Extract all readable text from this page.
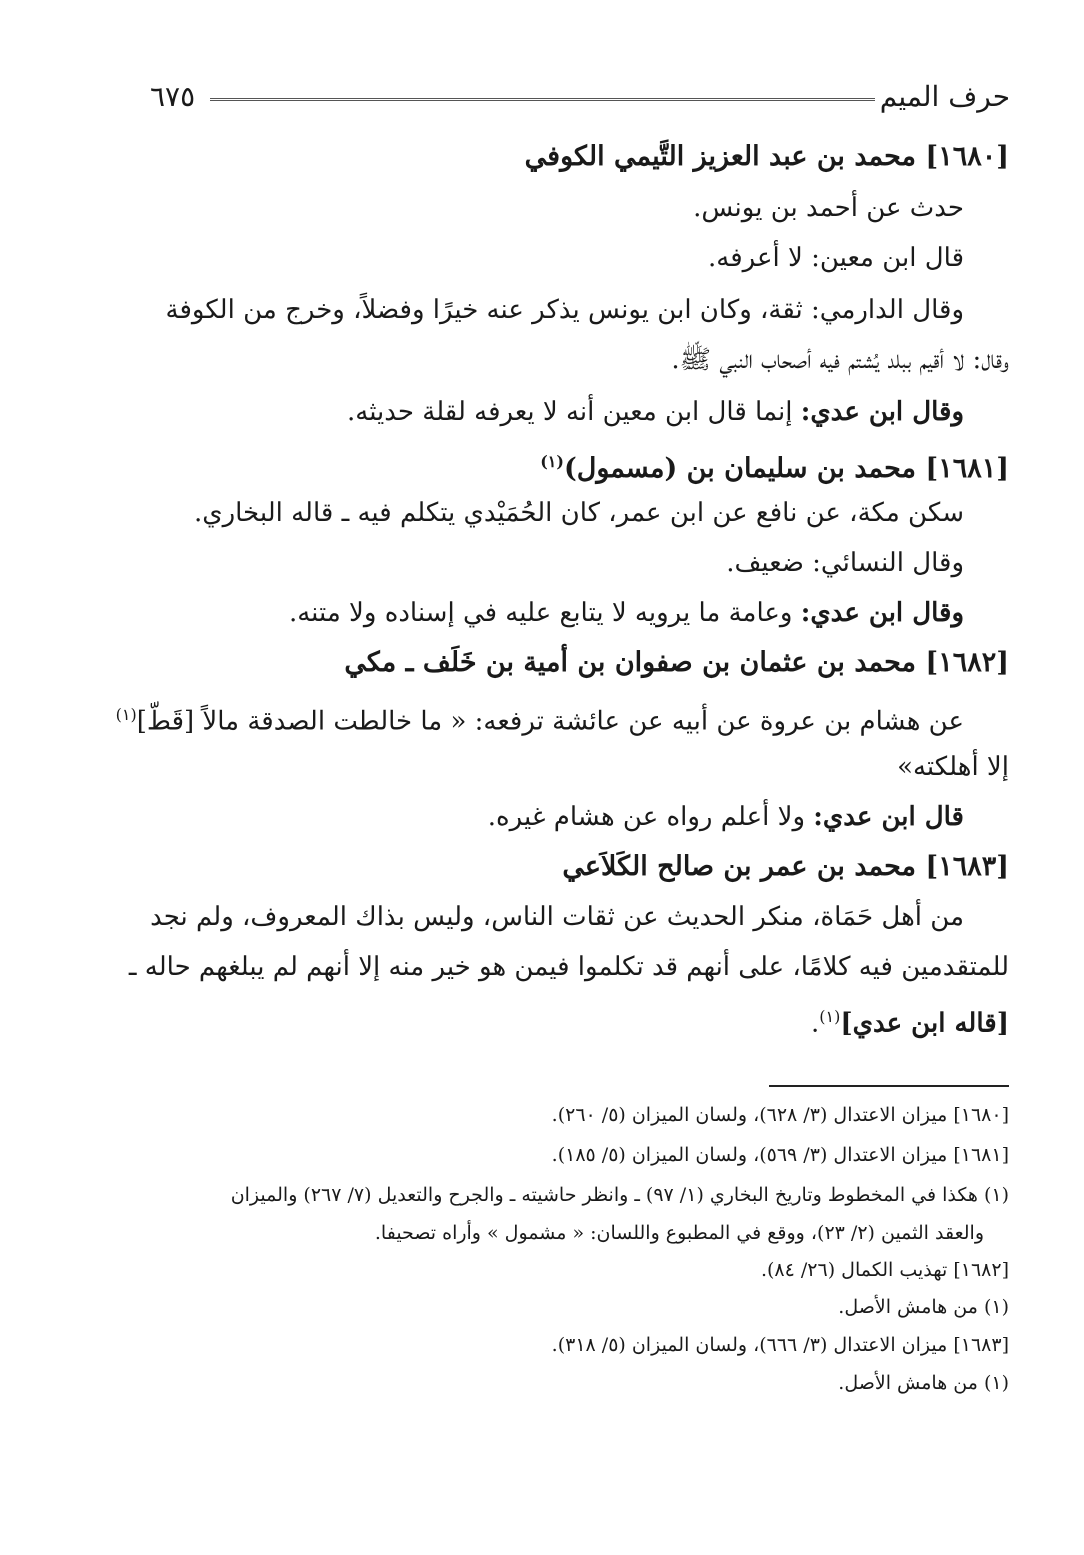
حرف الميم
٦٧٥
[١٦٨٠] محمد بن عبد العزيز التَّيمي الكوفي
حدث عن أحمد بن يونس.
قال ابن معين: لا أعرفه.
وقال الدارمي: ثقة، وكان ابن يونس يذكر عنه خيرًا وفضلاً، وخرج من الكوفة
وقال: لا أقيم ببلد يُشتم فيه أصحاب النبي ﷺ.
وقال ابن عدي: إنما قال ابن معين أنه لا يعرفه لقلة حديثه.
[١٦٨١] محمد بن سليمان بن (مسمول)$^{(١)}$
سكن مكة، عن نافع عن ابن عمر، كان الحُمَيْدي يتكلم فيه ـ قاله البخاري.
وقال النسائي: ضعيف.
وقال ابن عدي: وعامة ما يرويه لا يتابع عليه في إسناده ولا متنه.
[١٦٨٢] محمد بن عثمان بن صفوان بن أمية بن خَلَف ـ مكي
عن هشام بن عروة عن أبيه عن عائشة ترفعه: « ما خالطت الصدقة مالاً [قَطّ]$^{(١)}$
إلا أهلكته»
قال ابن عدي: ولا أعلم رواه عن هشام غيره.
[١٦٨٣] محمد بن عمر بن صالح الكَلاَعي
من أهل حَمَاة، منكر الحديث عن ثقات الناس، وليس بذاك المعروف، ولم نجد
للمتقدمين فيه كلامًا، على أنهم قد تكلموا فيمن هو خير منه إلا أنهم لم يبلغهم حاله ـ
[قاله ابن عدي]$^{(١)}$.
[١٦٨٠] ميزان الاعتدال (٣/ ٦٢٨)، ولسان الميزان (٥/ ٢٦٠).
[١٦٨١] ميزان الاعتدال (٣/ ٥٦٩)، ولسان الميزان (٥/ ١٨٥).
(١) هكذا في المخطوط وتاريخ البخاري (١/ ٩٧) ـ وانظر حاشيته ـ والجرح والتعديل (٧/ ٢٦٧) والميزان
والعقد الثمين (٢/ ٢٣)، ووقع في المطبوع واللسان: « مشمول » وأراه تصحيفا.
[١٦٨٢] تهذيب الكمال (٢٦/ ٨٤).
(١) من هامش الأصل.
[١٦٨٣] ميزان الاعتدال (٣/ ٦٦٦)، ولسان الميزان (٥/ ٣١٨).
(١) من هامش الأصل.
